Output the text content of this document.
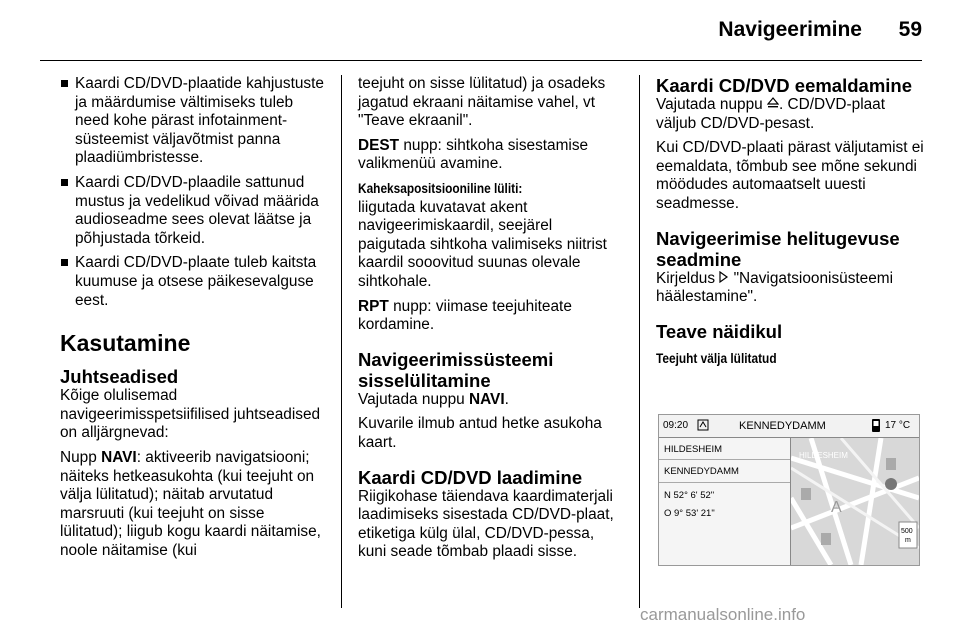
Navigeerimine 59
Kaardi CD/DVD-plaatide kahjustuste ja määrdumise vältimiseks tuleb need kohe pärast infotainment-süsteemist väljavõtmist panna plaadiümbristesse.
Kaardi CD/DVD-plaadile sattunud mustus ja vedelikud võivad määrida audioseadme sees olevat läätse ja põhjustada tõrkeid.
Kaardi CD/DVD-plaate tuleb kaitsta kuumuse ja otsese päikesevalguse eest.
Kasutamine
Juhtseadised

Kõige olulisemad navigeerimisspetsiifilised juhtseadised on alljärgnevad:

Nupp NAVI: aktiveerib navigatsiooni; näiteks hetkeasukohta (kui teejuht on välja lülitatud); näitab arvutatud marsruuti (kui teejuht on sisse lülitatud); liigub kogu kaardi näitamise, noole näitamise (kui

teejuht on sisse lülitatud) ja osadeks jagatud ekraani näitamise vahel, vt "Teave ekraanil".

DEST nupp: sihtkoha sisestamise valikmenüü avamine.

Kaheksapositsiooniline lüliti:
liigutada kuvatavat akent navigeerimiskaardil, seejärel paigutada sihtkoha valimiseks niitrist kaardil sooovitud suunas olevale sihtkohale.

RPT nupp: viimase teejuhiteate kordamine.

Navigeerimissüsteemi sisselülitamine

Vajutada nuppu NAVI.

Kuvarile ilmub antud hetke asukoha kaart.

Kaardi CD/DVD laadimine

Riigikohase täiendava kaardimaterjali laadimiseks sisestada CD/DVD-plaat, etiketiga külg ülal, CD/DVD-pessa, kuni seade tõmbab plaadi sisse.

Kaardi CD/DVD eemaldamine

Vajutada nuppu . CD/DVD-plaat väljub CD/DVD-pesast.

Kui CD/DVD-plaati pärast väljutamist ei eemaldata, tõmbub see mõne sekundi möödudes automaatselt uuesti seadmesse.

Navigeerimise helitugevuse seadmine

Kirjeldus  "Navigatsioonisüsteemi häälestamine".

Teave näidikul
Teejuht välja lülitatud
09:20	KENNEDYDAMM	17 °C
HILDESHEIM
KENNEDYDAMM
N 52° 6' 52"
O 9° 53' 21"	A
HILDESHEIM
500
m
carmanualsonline.info
